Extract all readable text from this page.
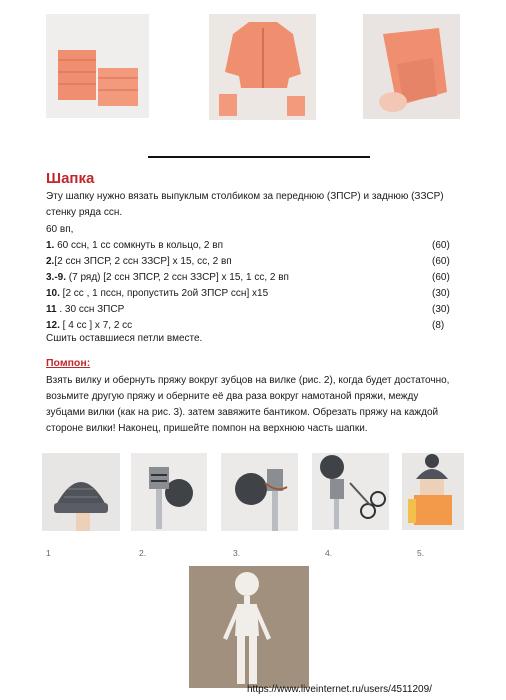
Шапка
Эту шапку нужно вязать выпуклым столбиком за переднюю (ЗПСР) и заднюю (ЗЗСР) стенку ряда ссн.
60 вп,
1. 60 ссн, 1 сс сомкнуть в кольцо, 2 вп	(60)
2.[2 ссн ЗПСР, 2 ссн ЗЗСР] x 15, сс, 2 вп	(60)
3.-9. (7 ряд) [2 ссн ЗПСР, 2 ссн ЗЗСР] x 15, 1 сс, 2 вп	(60)
10. [2 сс , 1 пссн, пропустить 2ой ЗПСР ссн] x15	(30)
11 . 30 ссн ЗПСР	(30)
12. [ 4 сс ] x 7, 2 сс	(8)
Сшить оставшиеся петли вместе.
Помпон:
Взять вилку и обернуть пряжу вокруг зубцов на вилке (рис. 2), когда будет достаточно, возьмите другую пряжу и оберните её два раза вокруг намотаной пряжи, между зубцами вилки (как на рис. 3). затем завяжите бантиком. Обрезать пряжу на каждой стороне вилки! Наконец, пришейте помпон на верхнюю часть шапки.
1	2.	3.	4.	5.
https://www.liveinternet.ru/users/4511209/
